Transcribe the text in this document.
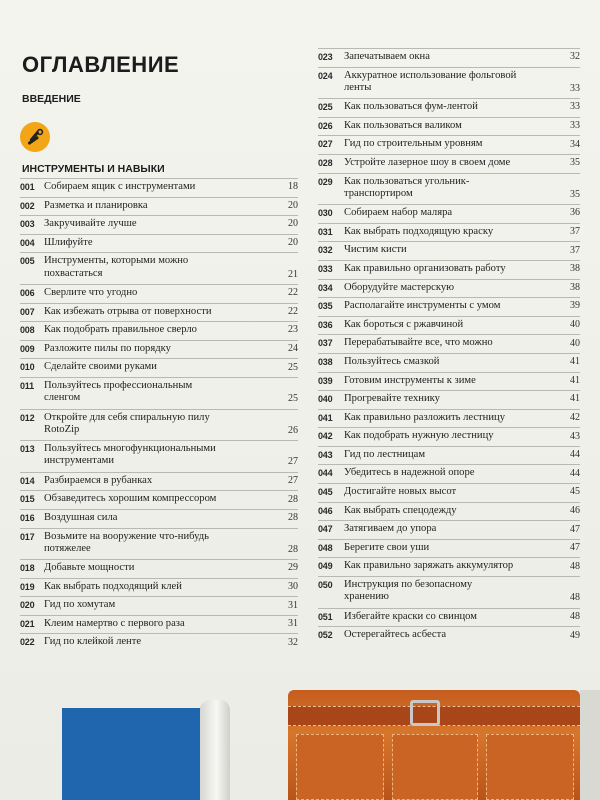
ОГЛАВЛЕНИЕ
ВВЕДЕНИЕ
ИНСТРУМЕНТЫ И НАВЫКИ
001 Собираем ящик с инструментами	18
002 Разметка и планировка	20
003 Закручивайте лучше	20
004 Шлифуйте	20
005 Инструменты, которыми можно
похвастаться	21
006 Сверлите что угодно	22
007 Как избежать отрыва от поверхности	22
008 Как подобрать правильное сверло	23
009 Разложите пилы по порядку	24
010 Сделайте своими руками	25
011 Пользуйтесь профессиональным
сленгом	25
012 Откройте для себя спиральную пилу
RotoZip	26
013 Пользуйтесь многофункциональными
инструментами	27
014 Разбираемся в рубанках	27
015 Обзаведитесь хорошим компрессором	28
016 Воздушная сила	28
017 Возьмите на вооружение что-нибудь
потяжелее	28
018 Добавьте мощности	29
019 Как выбрать подходящий клей	30
020 Гид по хомутам	31
021 Клеим намертво с первого раза	31
022 Гид по клейкой ленте	32
023 Запечатываем окна	32
024 Аккуратное использование фольговой
ленты	33
025 Как пользоваться фум-лентой	33
026 Как пользоваться валиком	33
027 Гид по строительным уровням	34
028 Устройте лазерное шоу в своем доме	35
029 Как пользоваться угольник-
транспортиром	35
030 Собираем набор маляра	36
031 Как выбрать подходящую краску	37
032 Чистим кисти	37
033 Как правильно организовать работу	38
034 Оборудуйте мастерскую	38
035 Располагайте инструменты с умом	39
036 Как бороться с ржавчиной	40
037 Перерабатывайте все, что можно	40
038 Пользуйтесь смазкой	41
039 Готовим инструменты к зиме	41
040 Прогревайте технику	41
041 Как правильно разложить лестницу	42
042 Как подобрать нужную лестницу	43
043 Гид по лестницам	44
044 Убедитесь в надежной опоре	44
045 Достигайте новых высот	45
046 Как выбрать спецодежду	46
047 Затягиваем до упора	47
048 Берегите свои уши	47
049 Как правильно заряжать аккумулятор	48
050 Инструкция по безопасному
хранению	48
051 Избегайте краски со свинцом	48
052 Остерегайтесь асбеста	49
